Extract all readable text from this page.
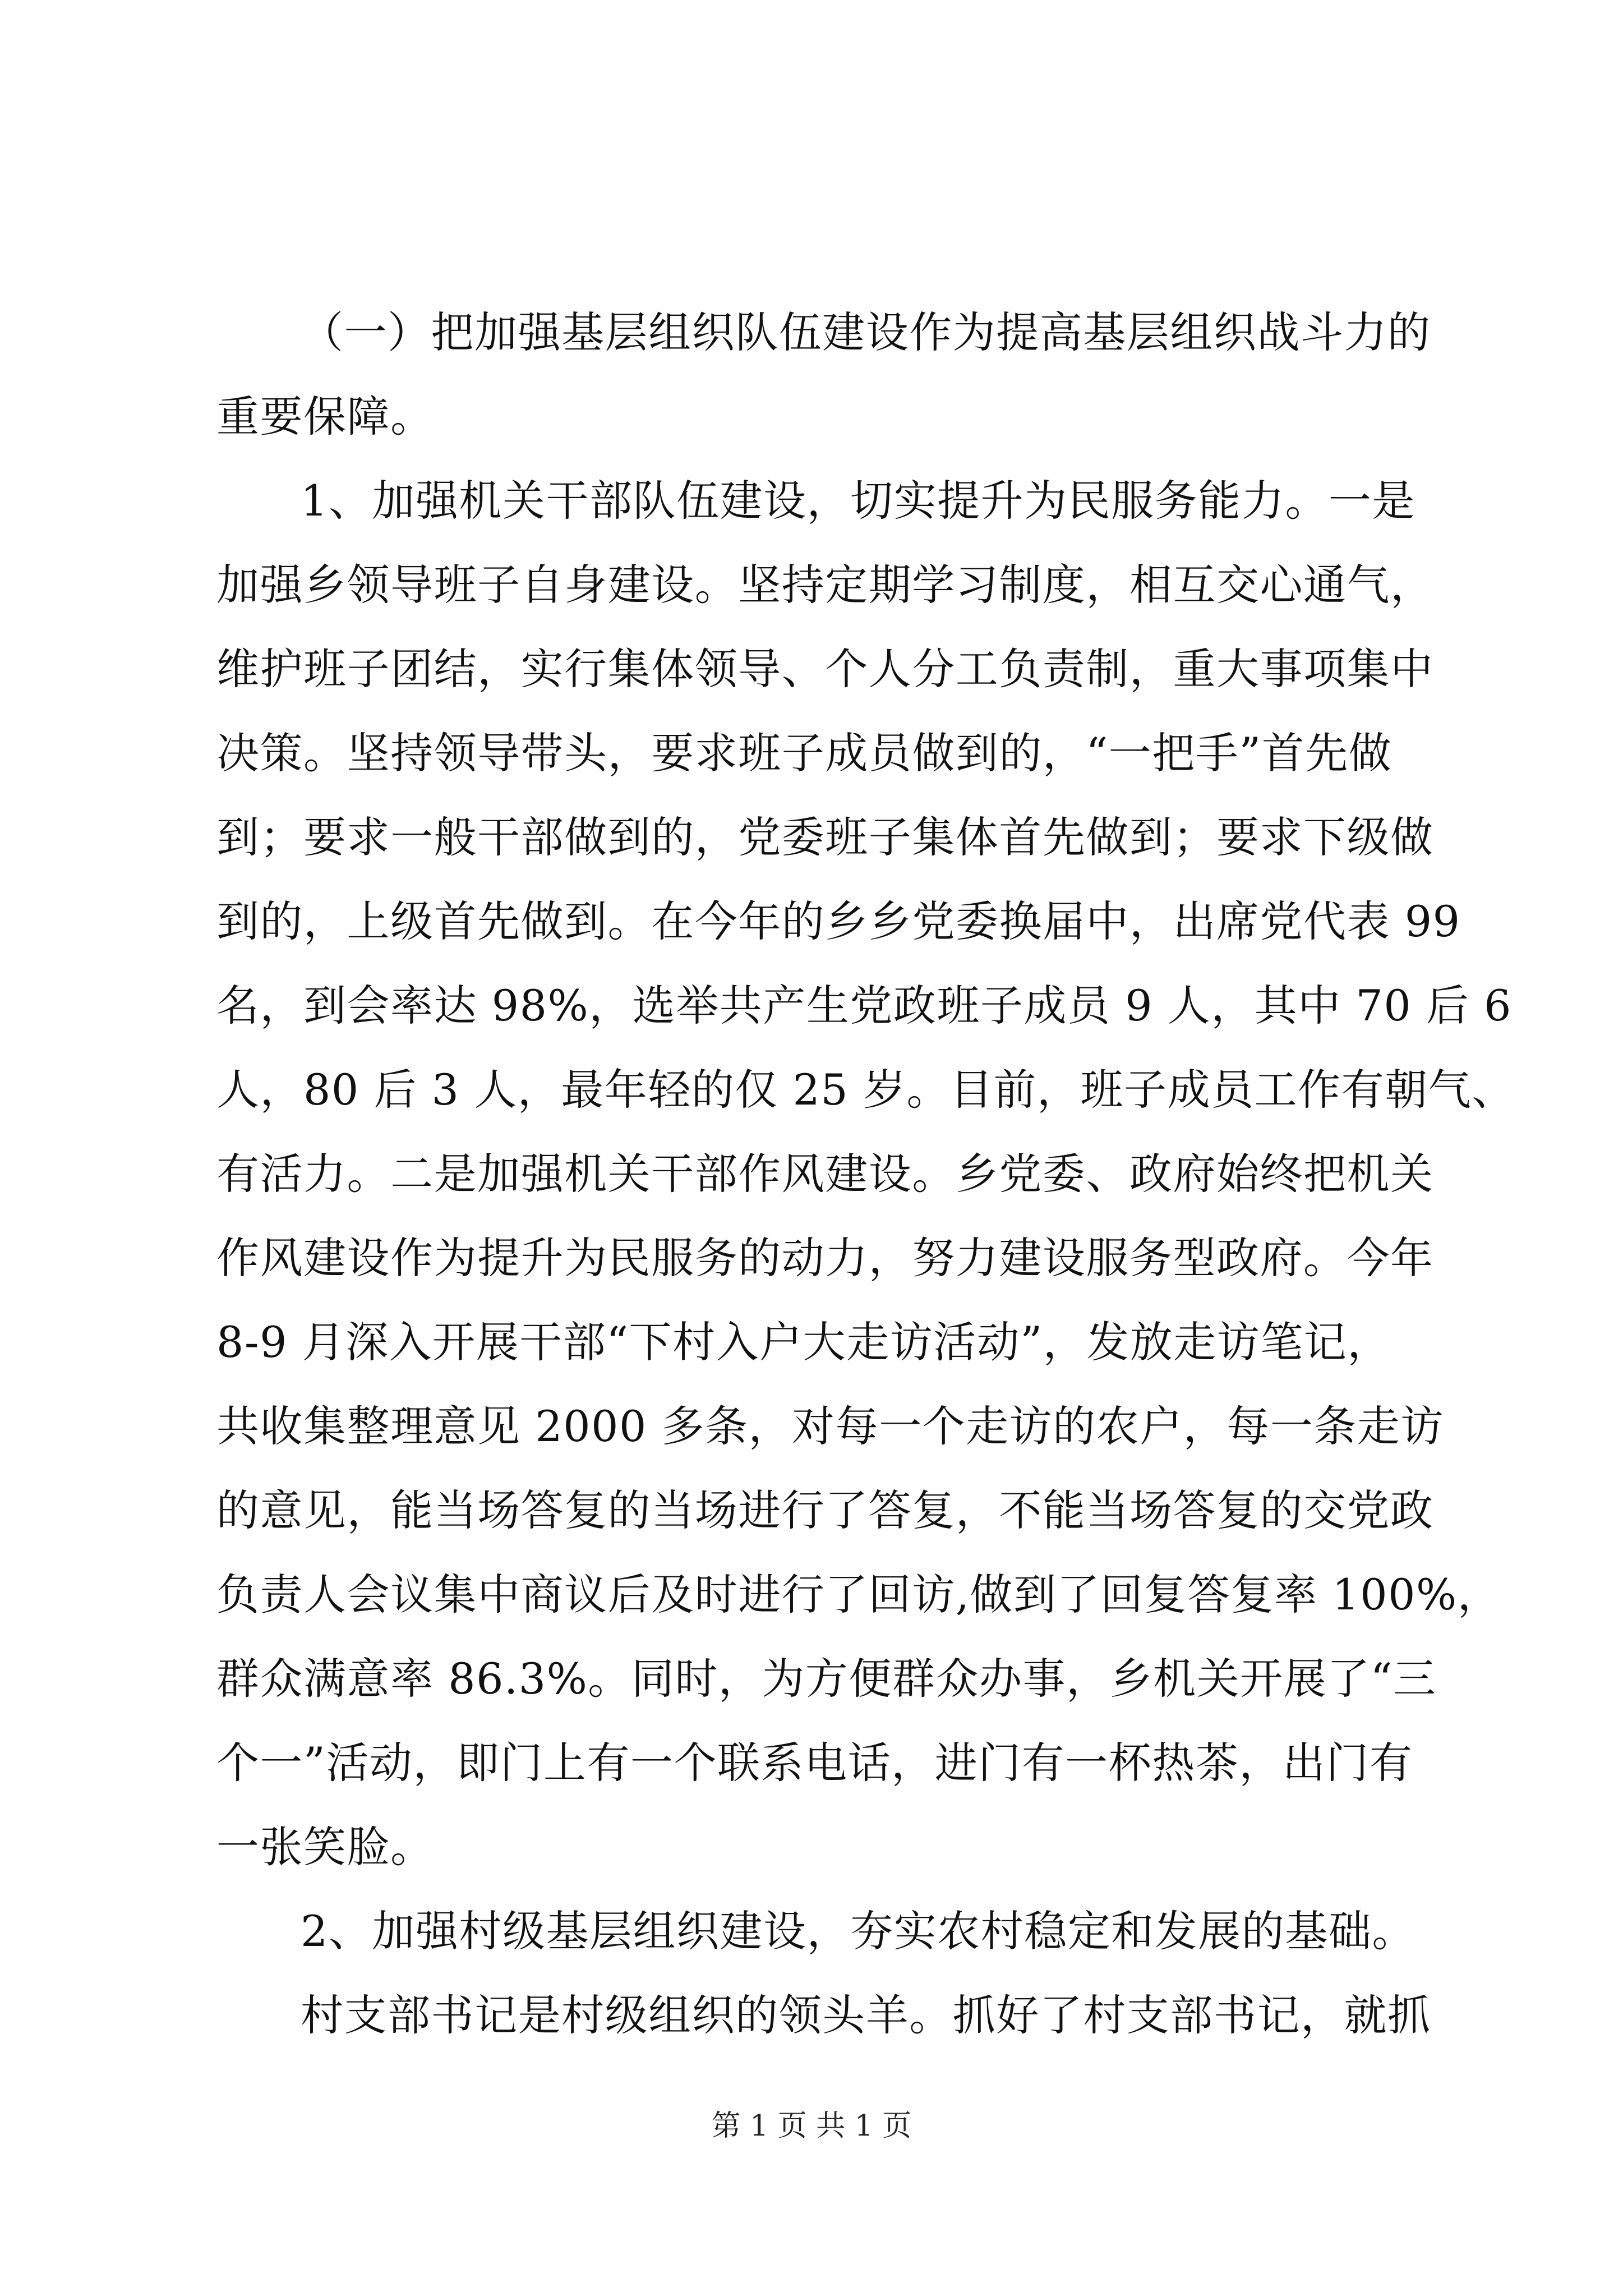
（一）把加强基层组织队伍建设作为提高基层组织战斗力的

重要保障。

1、加强机关干部队伍建设，切实提升为民服务能力。一是

加强乡领导班子自身建设。坚持定期学习制度，相互交心通气，

维护班子团结，实行集体领导、个人分工负责制，重大事项集中

决策。坚持领导带头，要求班子成员做到的，“一把手”首先做

到；要求一般干部做到的，党委班子集体首先做到；要求下级做

到的，上级首先做到。在今年的乡乡党委换届中，出席党代表 99

名，到会率达 98%，选举共产生党政班子成员 9 人，其中 70 后 6

人，80 后 3 人，最年轻的仅 25 岁。目前，班子成员工作有朝气、

有活力。二是加强机关干部作风建设。乡党委、政府始终把机关

作风建设作为提升为民服务的动力，努力建设服务型政府。今年

8-9 月深入开展干部“下村入户大走访活动”，发放走访笔记，

共收集整理意见 2000 多条，对每一个走访的农户，每一条走访

的意见，能当场答复的当场进行了答复，不能当场答复的交党政

负责人会议集中商议后及时进行了回访,做到了回复答复率 100%，

群众满意率 86.3%。同时，为方便群众办事，乡机关开展了“三

个一”活动，即门上有一个联系电话，进门有一杯热茶，出门有

一张笑脸。

2、加强村级基层组织建设，夯实农村稳定和发展的基础。

村支部书记是村级组织的领头羊。抓好了村支部书记，就抓

第 1 页 共 1 页
